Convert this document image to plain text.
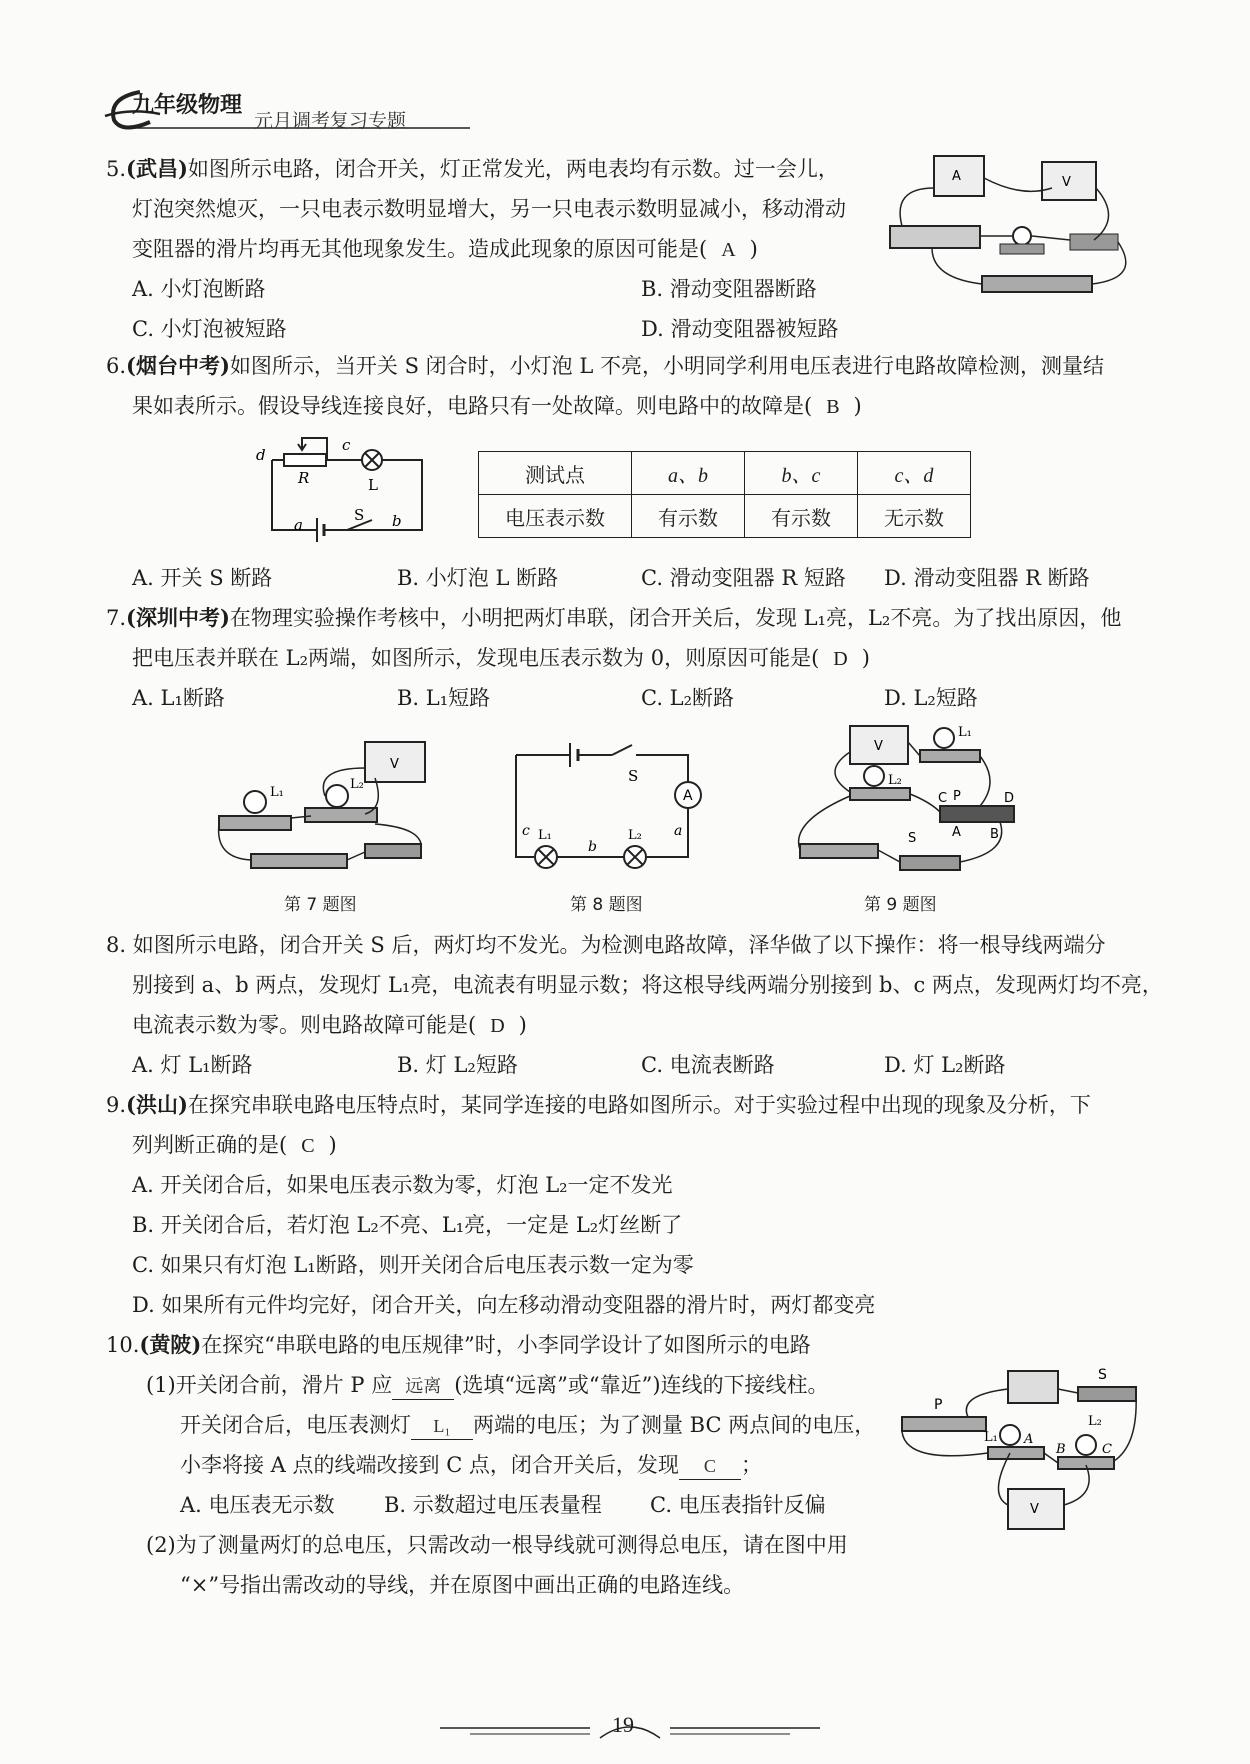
九年级物理
元月调考复习专题
5.(武昌)如图所示电路，闭合开关，灯正常发光，两电表均有示数。过一会儿，
灯泡突然熄灭，一只电表示数明显增大，另一只电表示数明显减小，移动滑动
变阻器的滑片均再无其他现象发生。造成此现象的原因可能是( A )
A. 小灯泡断路	B. 滑动变阻器断路
C. 小灯泡被短路	D. 滑动变阻器被短路
A	V
6.(烟台中考)如图所示，当开关 S 闭合时，小灯泡 L 不亮，小明同学利用电压表进行电路故障检测，测量结
果如表所示。假设导线连接良好，电路只有一处故障。则电路中的故障是( B )
d
c
R	L
a
S b
测试点	a、b	b、c	c、d
电压表示数	有示数	有示数	无示数
A. 开关 S 断路	B. 小灯泡 L 断路	C. 滑动变阻器 R 短路 D. 滑动变阻器 R 断路
7.(深圳中考)在物理实验操作考核中，小明把两灯串联，闭合开关后，发现 L₁亮，L₂不亮。为了找出原因，他
把电压表并联在 L₂两端，如图所示，发现电压表示数为 0，则原因可能是( D )
A. L₁断路	B. L₁短路	C. L₂断路	D. L₂短路
V
L₁
L₂
第 7 题图
A
S
c L₁
b
L₂ a
第 8 题图
V
L₁
L₂
C P	D
A B
S
第 9 题图
8. 如图所示电路，闭合开关 S 后，两灯均不发光。为检测电路故障，泽华做了以下操作：将一根导线两端分
别接到 a、b 两点，发现灯 L₁亮，电流表有明显示数；将这根导线两端分别接到 b、c 两点，发现两灯均不亮，
电流表示数为零。则电路故障可能是( D )
A. 灯 L₁断路	B. 灯 L₂短路	C. 电流表断路	D. 灯 L₂断路
9.(洪山)在探究串联电路电压特点时，某同学连接的电路如图所示。对于实验过程中出现的现象及分析，下
列判断正确的是( C )
A. 开关闭合后，如果电压表示数为零，灯泡 L₂一定不发光
B. 开关闭合后，若灯泡 L₂不亮、L₁亮，一定是 L₂灯丝断了
C. 如果只有灯泡 L₁断路，则开关闭合后电压表示数一定为零
D. 如果所有元件均完好，闭合开关，向左移动滑动变阻器的滑片时，两灯都变亮
10.(黄陂)在探究“串联电路的电压规律”时，小李同学设计了如图所示的电路
(1)开关闭合前，滑片 P 应 远离 (选填“远离”或“靠近”)连线的下接线柱。
开关闭合后，电压表测灯 L₁ 两端的电压；为了测量 BC 两点间的电压，
小李将接 A 点的线端改接到 C 点，闭合开关后，发现 C ；
A. 电压表无示数 B. 示数超过电压表量程 C. 电压表指针反偏
(2)为了测量两灯的总电压，只需改动一根导线就可测得总电压，请在图中用
“×”号指出需改动的导线，并在原图中画出正确的电路连线。
S
P
L₁ A
L₂
B	C
V
19
